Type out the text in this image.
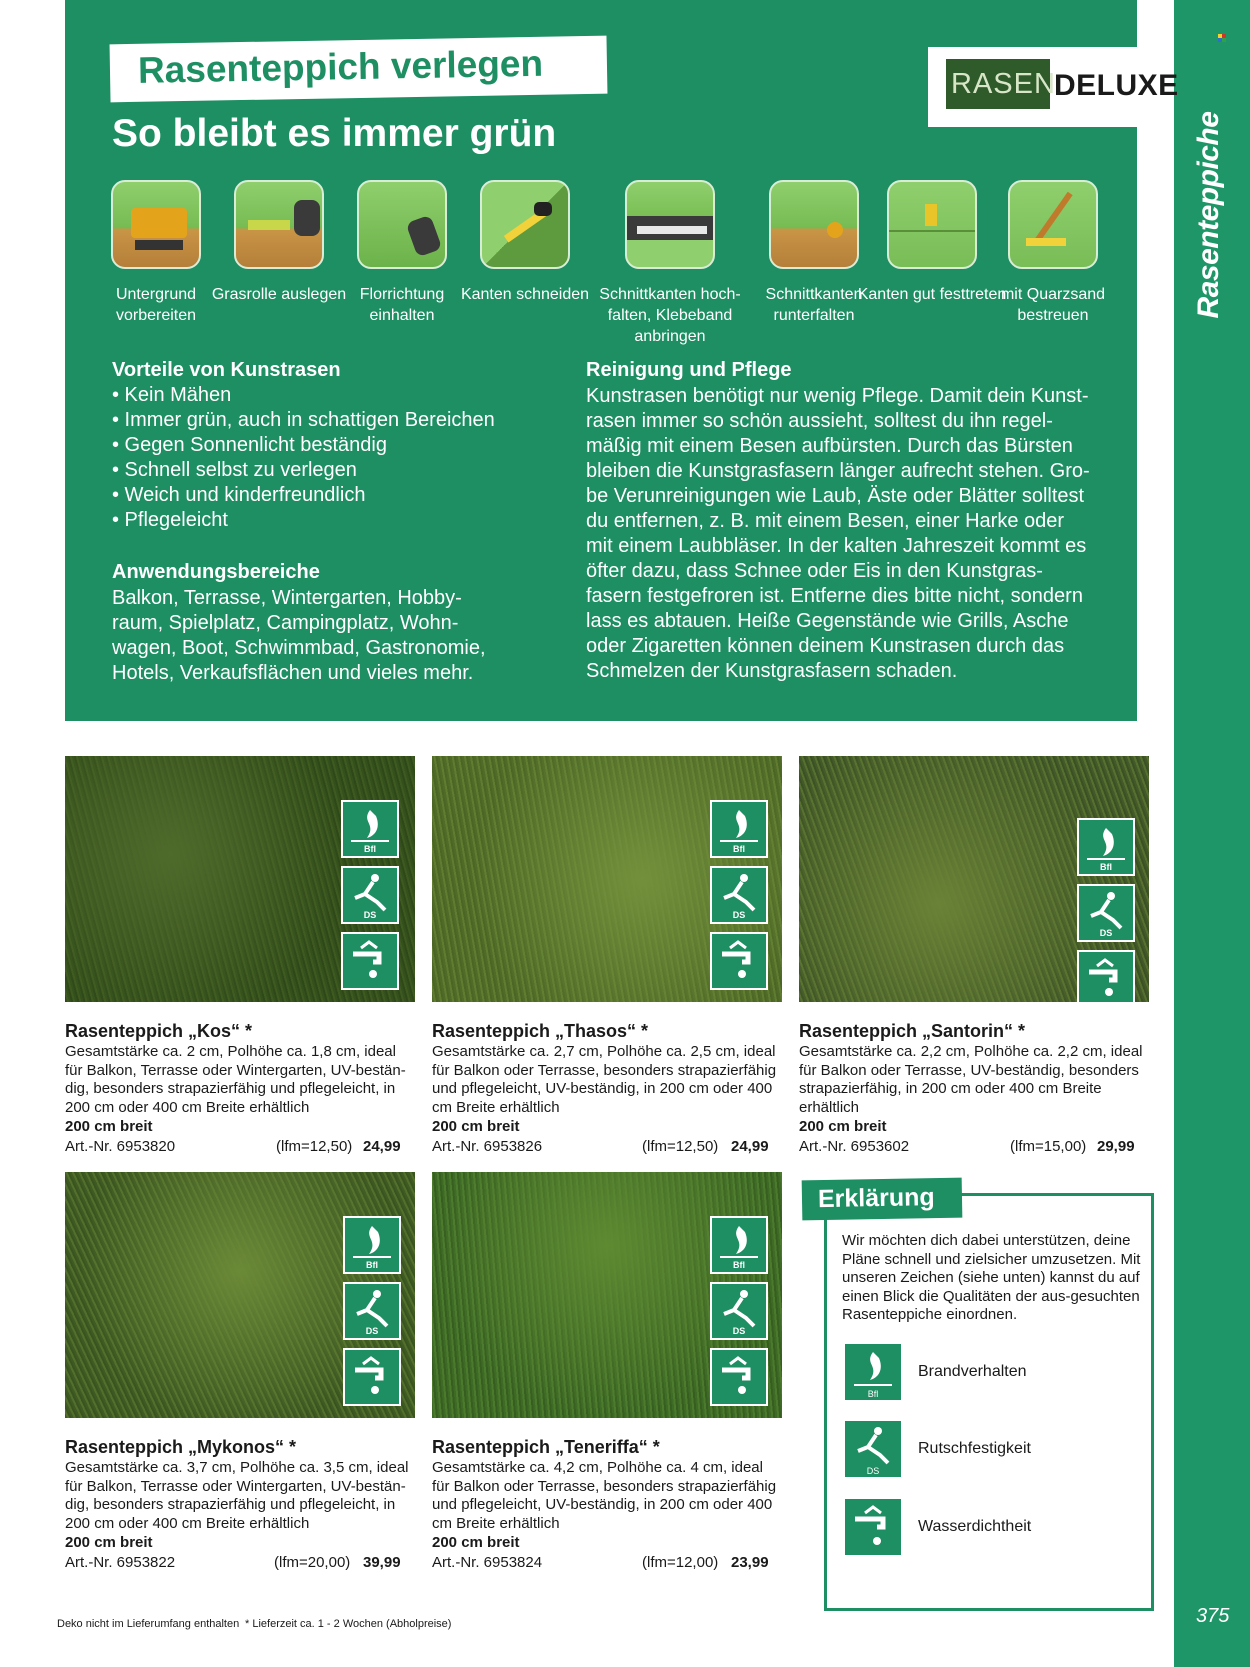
Rasenteppiche
375
Rasenteppich verlegen
So bleibt es immer grün
RASEN
DELUXE
Untergrund vorbereiten
Grasrolle auslegen Florrichtung einhalten
Kanten schneiden Schnittkanten hoch-falten, Klebeband anbringen
Schnittkanten runterfalten
Kanten gut festtreten
mit Quarzsand bestreuen
Vorteile von Kunstrasen
• Kein Mähen
• Immer grün, auch in schattigen Bereichen
• Gegen Sonnenlicht beständig
• Schnell selbst zu verlegen
• Weich und kinderfreundlich
• Pflegeleicht
Anwendungsbereiche
Balkon, Terrasse, Wintergarten, Hobby-raum, Spielplatz, Campingplatz, Wohn-wagen, Boot, Schwimmbad, Gastronomie, Hotels, Verkaufsflächen und vieles mehr.
Reinigung und Pflege
Kunstrasen benötigt nur wenig Pflege. Damit dein Kunst-rasen immer so schön aussieht, solltest du ihn regel-mäßig mit einem Besen aufbürsten. Durch das Bürsten bleiben die Kunstgrasfasern länger aufrecht stehen. Gro-be Verunreinigungen wie Laub, Äste oder Blätter solltest du entfernen, z. B. mit einem Besen, einer Harke oder mit einem Laubbläser. In der kalten Jahreszeit kommt es öfter dazu, dass Schnee oder Eis in den Kunstgras-fasern festgefroren ist. Entferne dies bitte nicht, sondern lass es abtauen. Heiße Gegenstände wie Grills, Asche oder Zigaretten können deinem Kunstrasen durch das Schmelzen der Kunstgrasfasern schaden.
Bfl
DS
Bfl
DS
Bfl
DS
Bfl
DS
Bfl
DS
Rasenteppich „Kos“ *
Gesamtstärke ca. 2 cm, Polhöhe ca. 1,8 cm, ideal für Balkon, Terrasse oder Wintergarten, UV-bestän-dig, besonders strapazierfähig und pflegeleicht, in 200 cm oder 400 cm Breite erhältlich
200 cm breit
Art.-Nr. 6953820	(lfm=12,50) 24,99
Rasenteppich „Thasos“ *
Gesamtstärke ca. 2,7 cm, Polhöhe ca. 2,5 cm, ideal für Balkon oder Terrasse, besonders strapazierfähig und pflegeleicht, UV-beständig, in 200 cm oder 400 cm Breite erhältlich
200 cm breit
Art.-Nr. 6953826	(lfm=12,50) 24,99
Rasenteppich „Santorin“ *
Gesamtstärke ca. 2,2 cm, Polhöhe ca. 2,2 cm, ideal für Balkon oder Terrasse, UV-beständig, besonders strapazierfähig, in 200 cm oder 400 cm Breite erhältlich
200 cm breit
Art.-Nr. 6953602	(lfm=15,00) 29,99
Rasenteppich „Mykonos“ *
Gesamtstärke ca. 3,7 cm, Polhöhe ca. 3,5 cm, ideal für Balkon, Terrasse oder Wintergarten, UV-bestän-dig, besonders strapazierfähig und pflegeleicht, in 200 cm oder 400 cm Breite erhältlich
200 cm breit
Art.-Nr. 6953822	(lfm=20,00) 39,99
Rasenteppich „Teneriffa“ *
Gesamtstärke ca. 4,2 cm, Polhöhe ca. 4 cm, ideal für Balkon oder Terrasse, besonders strapazierfähig und pflegeleicht, UV-beständig, in 200 cm oder 400 cm Breite erhältlich
200 cm breit
Art.-Nr. 6953824	(lfm=12,00) 23,99
Erklärung
Wir möchten dich dabei unterstützen, deine Pläne schnell und zielsicher umzusetzen. Mit unseren Zeichen (siehe unten) kannst du auf einen Blick die Qualitäten der aus-gesuchten Rasenteppiche einordnen.
Bfl
Brandverhalten
DS
Rutschfestigkeit
Wasserdichtheit
Deko nicht im Lieferumfang enthalten * Lieferzeit ca. 1 - 2 Wochen (Abholpreise)
